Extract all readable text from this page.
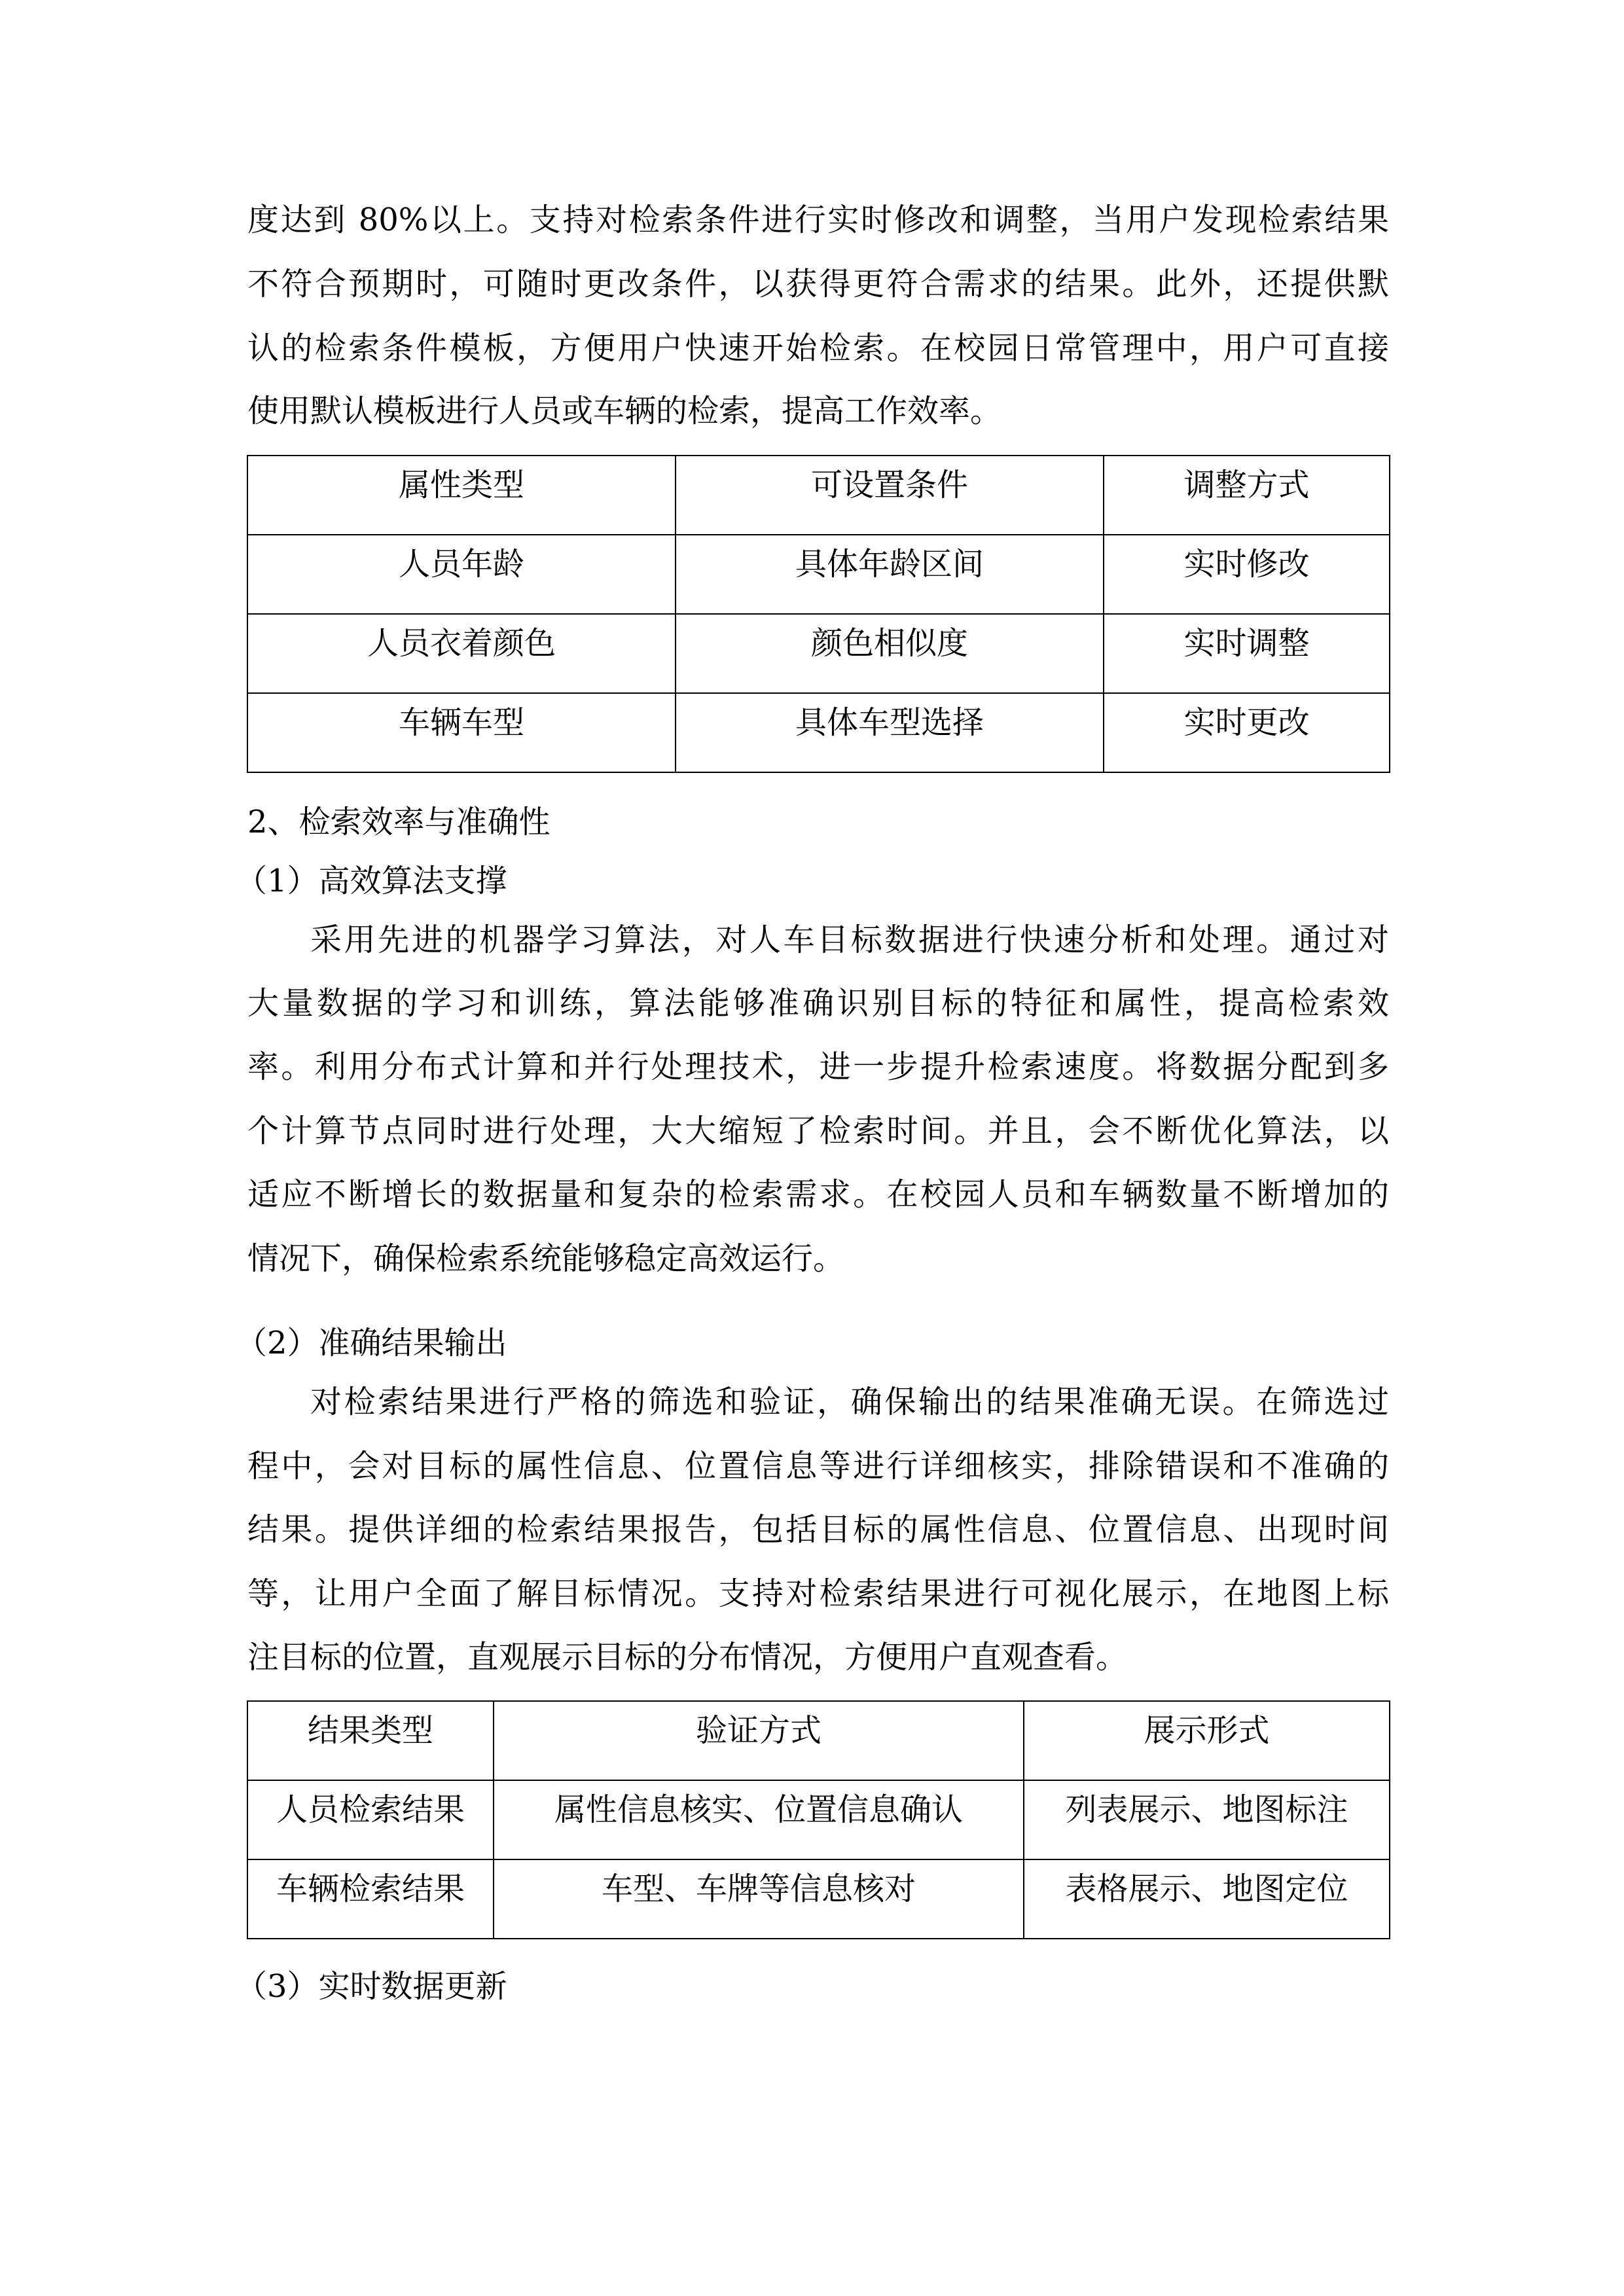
度达到 80%以上。支持对检索条件进行实时修改和调整，当用户发现检索结果
不符合预期时，可随时更改条件，以获得更符合需求的结果。此外，还提供默
认的检索条件模板，方便用户快速开始检索。在校园日常管理中，用户可直接
使用默认模板进行人员或车辆的检索，提高工作效率。
属性类型	可设置条件	调整方式
人员年龄	具体年龄区间	实时修改
人员衣着颜色	颜色相似度	实时调整
车辆车型	具体车型选择	实时更改
2、检索效率与准确性
（1）高效算法支撑
采用先进的机器学习算法，对人车目标数据进行快速分析和处理。通过对
大量数据的学习和训练，算法能够准确识别目标的特征和属性，提高检索效
率。利用分布式计算和并行处理技术，进一步提升检索速度。将数据分配到多
个计算节点同时进行处理，大大缩短了检索时间。并且，会不断优化算法，以
适应不断增长的数据量和复杂的检索需求。在校园人员和车辆数量不断增加的
情况下，确保检索系统能够稳定高效运行。
（2）准确结果输出
对检索结果进行严格的筛选和验证，确保输出的结果准确无误。在筛选过
程中，会对目标的属性信息、位置信息等进行详细核实，排除错误和不准确的
结果。提供详细的检索结果报告，包括目标的属性信息、位置信息、出现时间
等，让用户全面了解目标情况。支持对检索结果进行可视化展示，在地图上标
注目标的位置，直观展示目标的分布情况，方便用户直观查看。
结果类型	验证方式	展示形式
人员检索结果	属性信息核实、位置信息确认	列表展示、地图标注
车辆检索结果	车型、车牌等信息核对	表格展示、地图定位
（3）实时数据更新
